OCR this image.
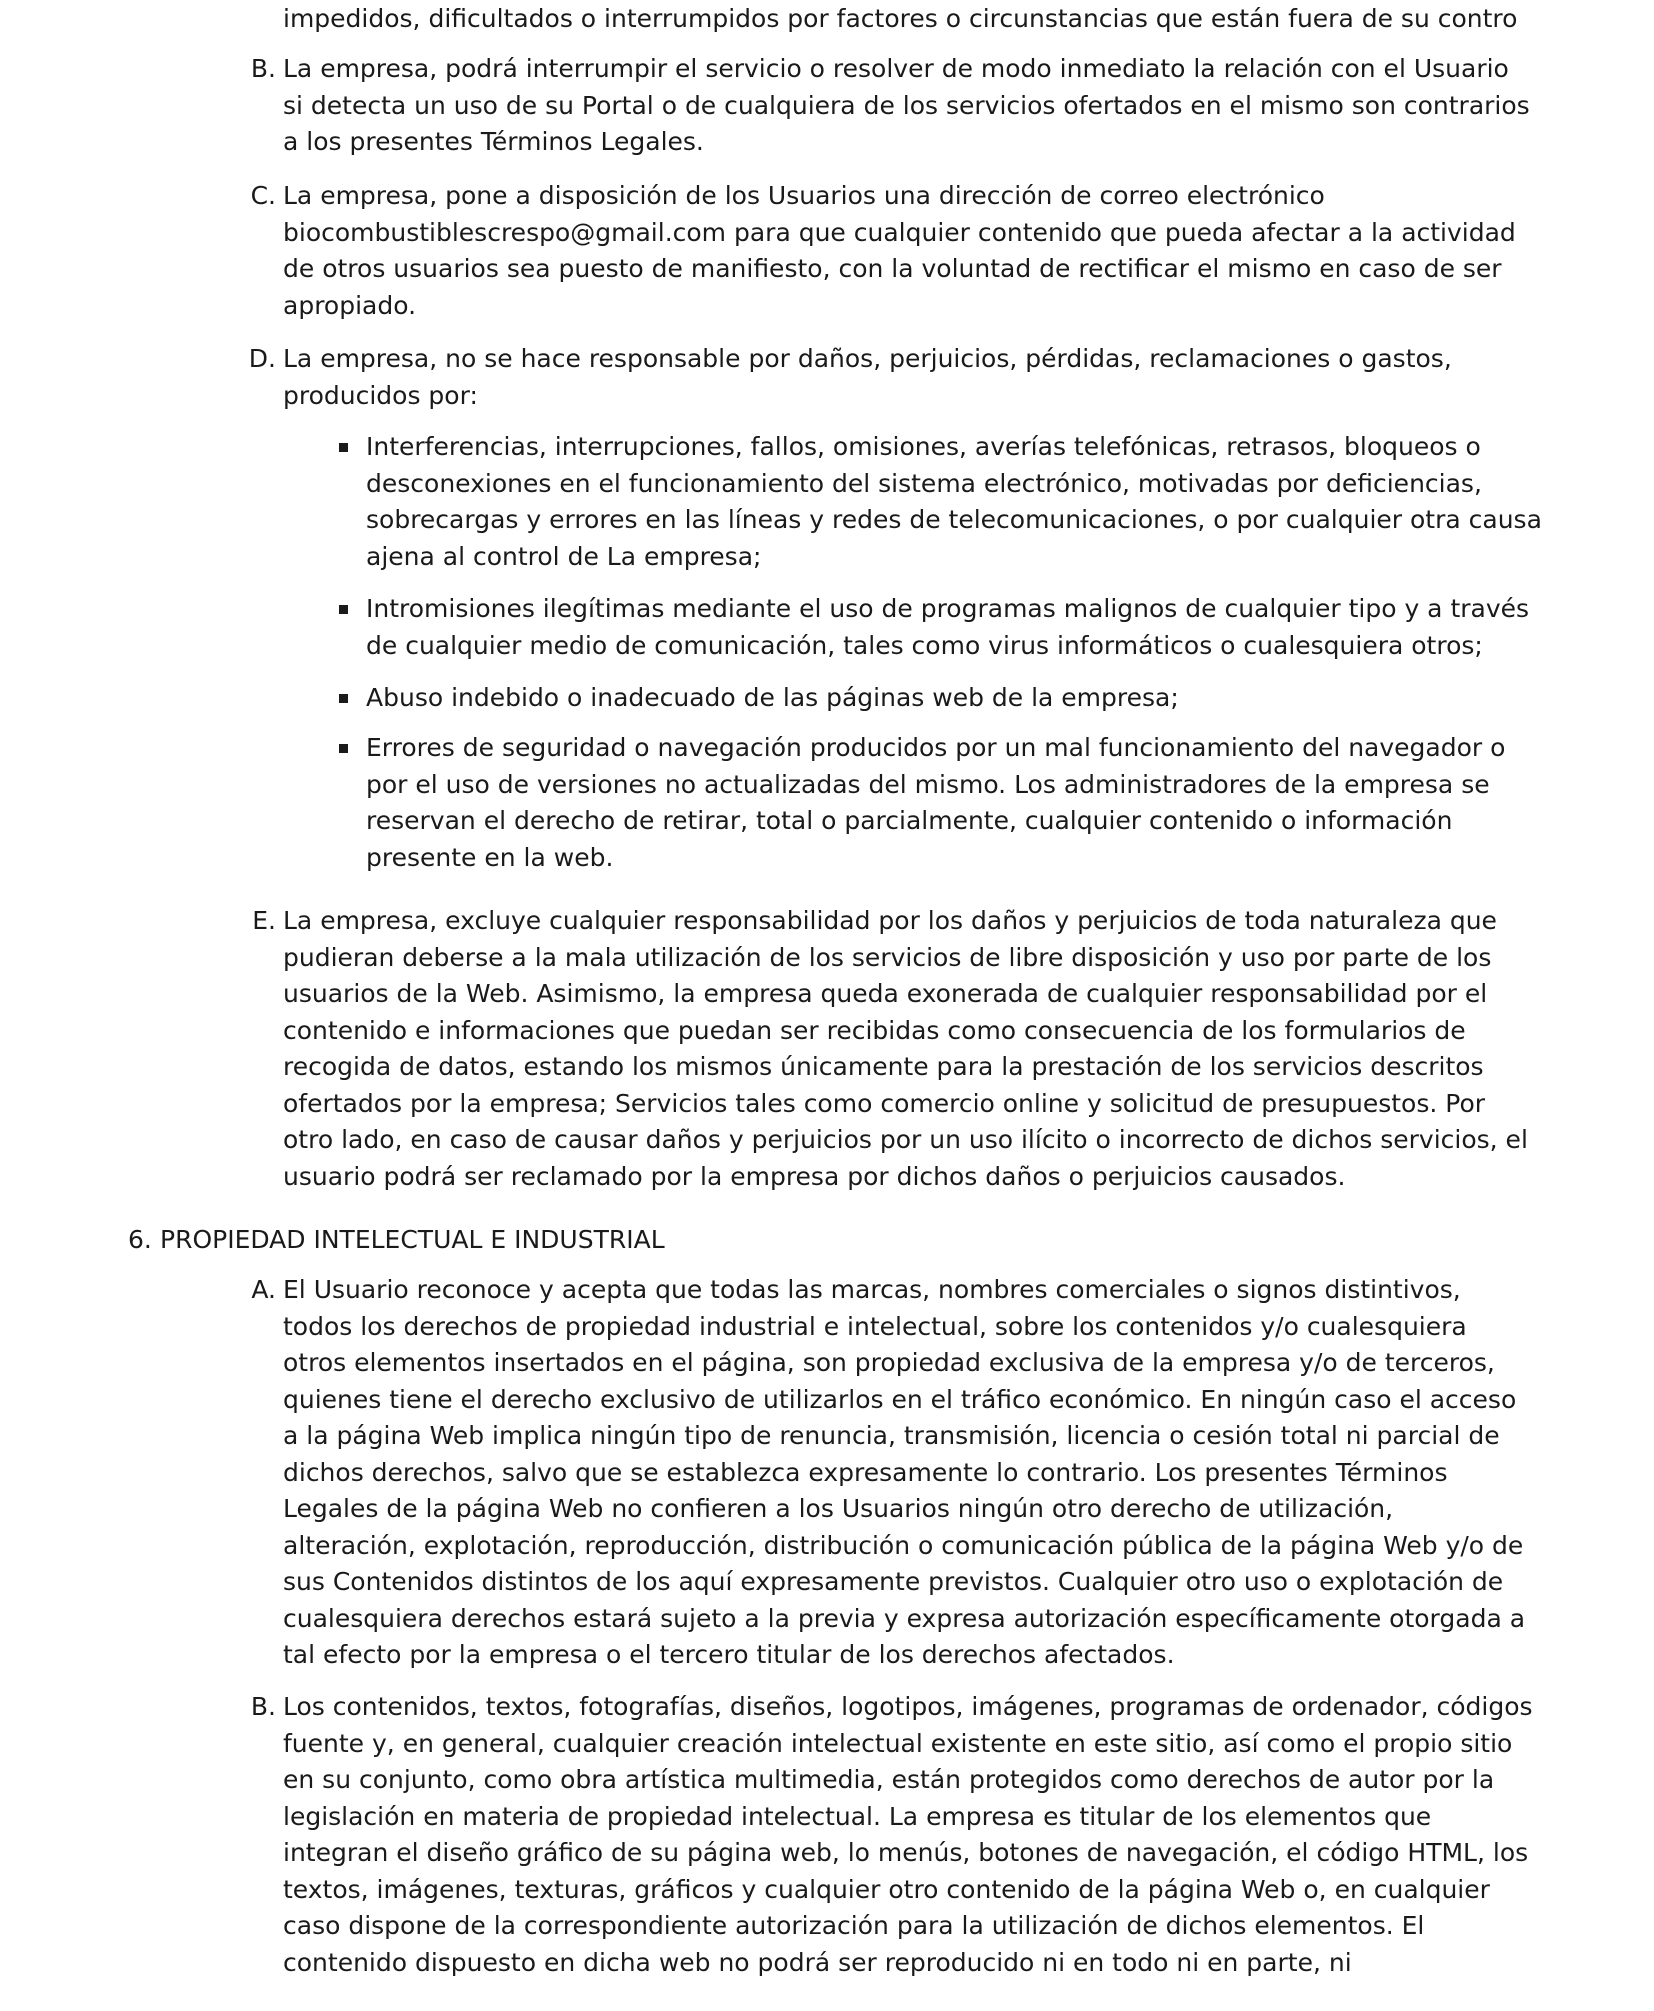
impedidos, dificultados o interrumpidos por factores o circunstancias que están fuera de su contro
B. La empresa, podrá interrumpir el servicio o resolver de modo inmediato la relación con el Usuario si detecta un uso de su Portal o de cualquiera de los servicios ofertados en el mismo son contrarios a los presentes Términos Legales.
C. La empresa, pone a disposición de los Usuarios una dirección de correo electrónico biocombustiblescrespo@gmail.com para que cualquier contenido que pueda afectar a la actividad de otros usuarios sea puesto de manifiesto, con la voluntad de rectificar el mismo en caso de ser apropiado.
D. La empresa, no se hace responsable por daños, perjuicios, pérdidas, reclamaciones o gastos, producidos por:
Interferencias, interrupciones, fallos, omisiones, averías telefónicas, retrasos, bloqueos o desconexiones en el funcionamiento del sistema electrónico, motivadas por deficiencias, sobrecargas y errores en las líneas y redes de telecomunicaciones, o por cualquier otra causa ajena al control de La empresa;
Intromisiones ilegítimas mediante el uso de programas malignos de cualquier tipo y a través de cualquier medio de comunicación, tales como virus informáticos o cualesquiera otros;
Abuso indebido o inadecuado de las páginas web de la empresa;
Errores de seguridad o navegación producidos por un mal funcionamiento del navegador o por el uso de versiones no actualizadas del mismo. Los administradores de la empresa se reservan el derecho de retirar, total o parcialmente, cualquier contenido o información presente en la web.
E. La empresa, excluye cualquier responsabilidad por los daños y perjuicios de toda naturaleza que pudieran deberse a la mala utilización de los servicios de libre disposición y uso por parte de los usuarios de la Web. Asimismo, la empresa queda exonerada de cualquier responsabilidad por el contenido e informaciones que puedan ser recibidas como consecuencia de los formularios de recogida de datos, estando los mismos únicamente para la prestación de los servicios descritos ofertados por la empresa; Servicios tales como comercio online y solicitud de presupuestos. Por otro lado, en caso de causar daños y perjuicios por un uso ilícito o incorrecto de dichos servicios, el usuario podrá ser reclamado por la empresa por dichos daños o perjuicios causados.
6. PROPIEDAD INTELECTUAL E INDUSTRIAL
A. El Usuario reconoce y acepta que todas las marcas, nombres comerciales o signos distintivos, todos los derechos de propiedad industrial e intelectual, sobre los contenidos y/o cualesquiera otros elementos insertados en el página, son propiedad exclusiva de la empresa y/o de terceros, quienes tiene el derecho exclusivo de utilizarlos en el tráfico económico. En ningún caso el acceso a la página Web implica ningún tipo de renuncia, transmisión, licencia o cesión total ni parcial de dichos derechos, salvo que se establezca expresamente lo contrario. Los presentes Términos Legales de la página Web no confieren a los Usuarios ningún otro derecho de utilización, alteración, explotación, reproducción, distribución o comunicación pública de la página Web y/o de sus Contenidos distintos de los aquí expresamente previstos. Cualquier otro uso o explotación de cualesquiera derechos estará sujeto a la previa y expresa autorización específicamente otorgada a tal efecto por la empresa o el tercero titular de los derechos afectados.
B. Los contenidos, textos, fotografías, diseños, logotipos, imágenes, programas de ordenador, códigos fuente y, en general, cualquier creación intelectual existente en este sitio, así como el propio sitio en su conjunto, como obra artística multimedia, están protegidos como derechos de autor por la legislación en materia de propiedad intelectual. La empresa es titular de los elementos que integran el diseño gráfico de su página web, lo menús, botones de navegación, el código HTML, los textos, imágenes, texturas, gráficos y cualquier otro contenido de la página Web o, en cualquier caso dispone de la correspondiente autorización para la utilización de dichos elementos. El contenido dispuesto en dicha web no podrá ser reproducido ni en todo ni en parte, ni
